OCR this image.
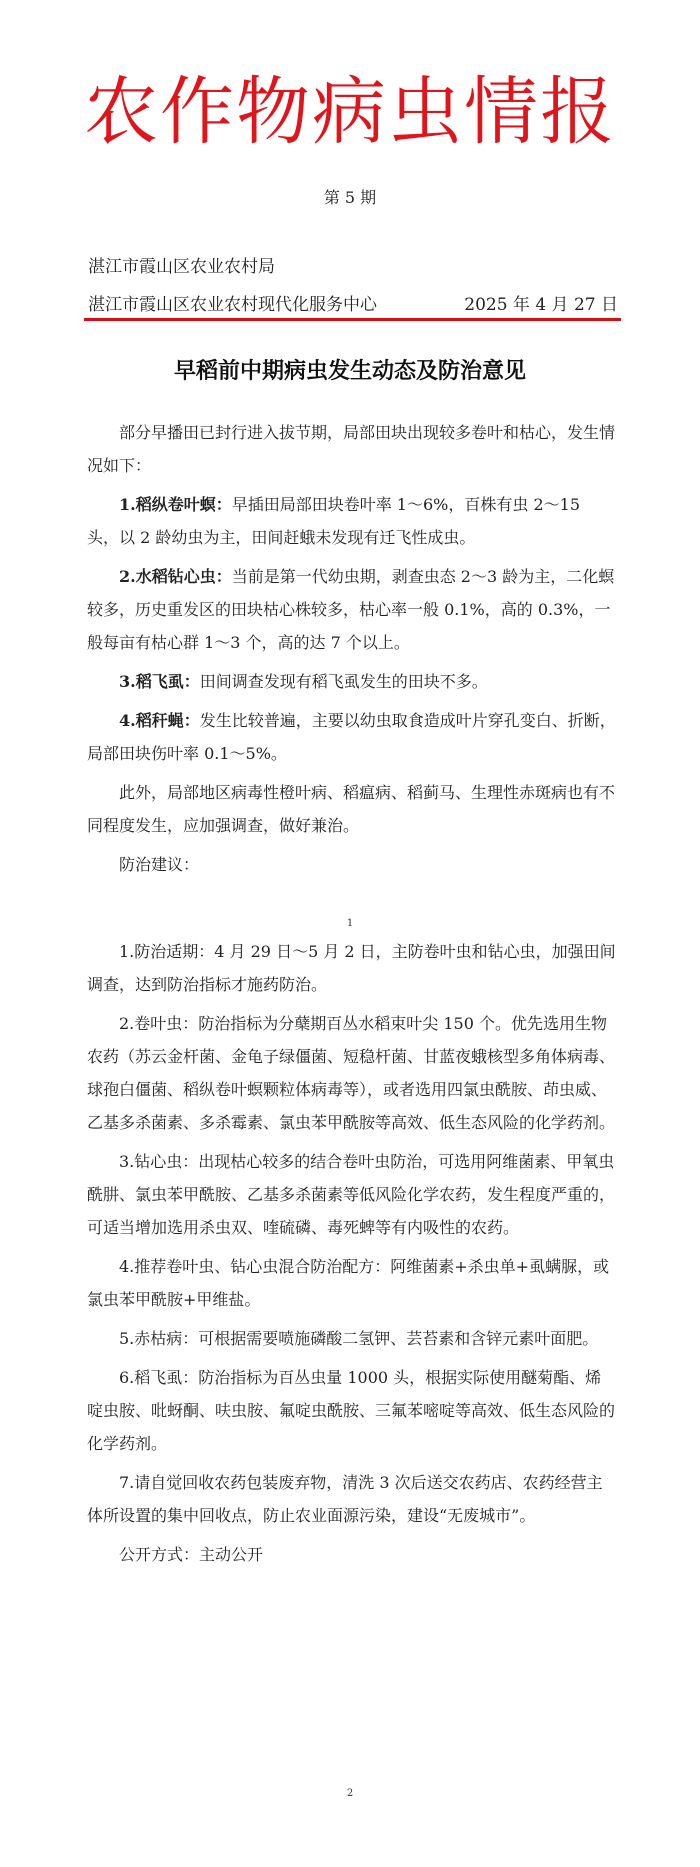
农作物病虫情报
第 5 期
湛江市霞山区农业农村局
湛江市霞山区农业农村现代化服务中心	2025 年 4 月 27 日
早稻前中期病虫发生动态及防治意见

部分早播田已封行进入拔节期，局部田块出现较多卷叶和枯心，发生情况如下：

1.稻纵卷叶螟：早插田局部田块卷叶率 1～6%，百株有虫 2～15 头，以 2 龄幼虫为主，田间赶蛾未发现有迁飞性成虫。

2.水稻钻心虫：当前是第一代幼虫期，剥查虫态 2～3 龄为主，二化螟较多，历史重发区的田块枯心株较多，枯心率一般 0.1%，高的 0.3%，一般每亩有枯心群 1～3 个，高的达 7 个以上。

3.稻飞虱：田间调查发现有稻飞虱发生的田块不多。

4.稻秆蝇：发生比较普遍，主要以幼虫取食造成叶片穿孔变白、折断，局部田块伤叶率 0.1～5%。

此外，局部地区病毒性橙叶病、稻瘟病、稻蓟马、生理性赤斑病也有不同程度发生，应加强调查，做好兼治。

防治建议：

1

1.防治适期：4 月 29 日～5 月 2 日，主防卷叶虫和钻心虫，加强田间调查，达到防治指标才施药防治。

2.卷叶虫：防治指标为分蘖期百丛水稻束叶尖 150 个。优先选用生物农药（苏云金杆菌、金龟子绿僵菌、短稳杆菌、甘蓝夜蛾核型多角体病毒、球孢白僵菌、稻纵卷叶螟颗粒体病毒等），或者选用四氯虫酰胺、茚虫威、乙基多杀菌素、多杀霉素、氯虫苯甲酰胺等高效、低生态风险的化学药剂。

3.钻心虫：出现枯心较多的结合卷叶虫防治，可选用阿维菌素、甲氧虫酰肼、氯虫苯甲酰胺、乙基多杀菌素等低风险化学农药，发生程度严重的，可适当增加选用杀虫双、喹硫磷、毒死蜱等有内吸性的农药。

4.推荐卷叶虫、钻心虫混合防治配方：阿维菌素+杀虫单+虱螨脲，或氯虫苯甲酰胺+甲维盐。

5.赤枯病：可根据需要喷施磷酸二氢钾、芸苔素和含锌元素叶面肥。

6.稻飞虱：防治指标为百丛虫量 1000 头，根据实际使用醚菊酯、烯啶虫胺、吡蚜酮、呋虫胺、氟啶虫酰胺、三氟苯嘧啶等高效、低生态风险的化学药剂。

7.请自觉回收农药包装废弃物，清洗 3 次后送交农药店、农药经营主体所设置的集中回收点，防止农业面源污染，建设“无废城市”。

公开方式：主动公开

2
